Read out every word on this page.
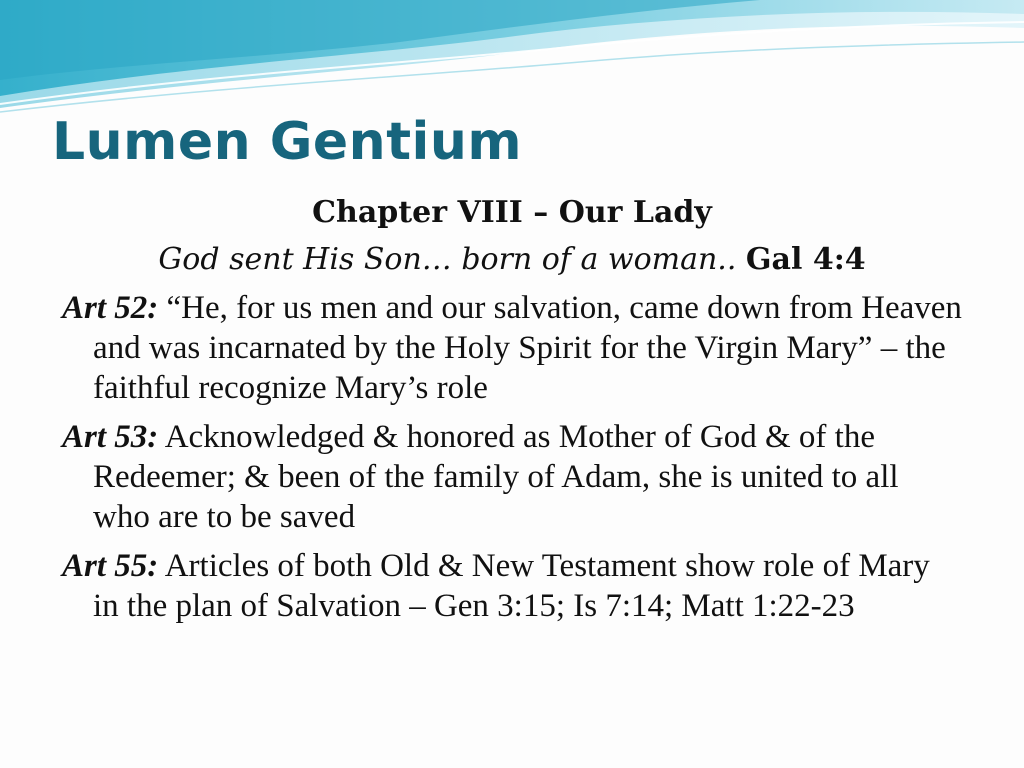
Lumen Gentium
Chapter VIII – Our Lady
God sent His Son… born of a woman.. Gal 4:4
Art 52: “He, for us men and our salvation, came down from Heaven and was incarnated by the Holy Spirit for the Virgin Mary” – the faithful recognize Mary’s role
Art 53: Acknowledged & honored as Mother of God & of the Redeemer; & been of the family of Adam, she is united to all who are to be saved
Art 55: Articles of both Old & New Testament show role of Mary in the plan of Salvation – Gen 3:15; Is 7:14; Matt 1:22-23
